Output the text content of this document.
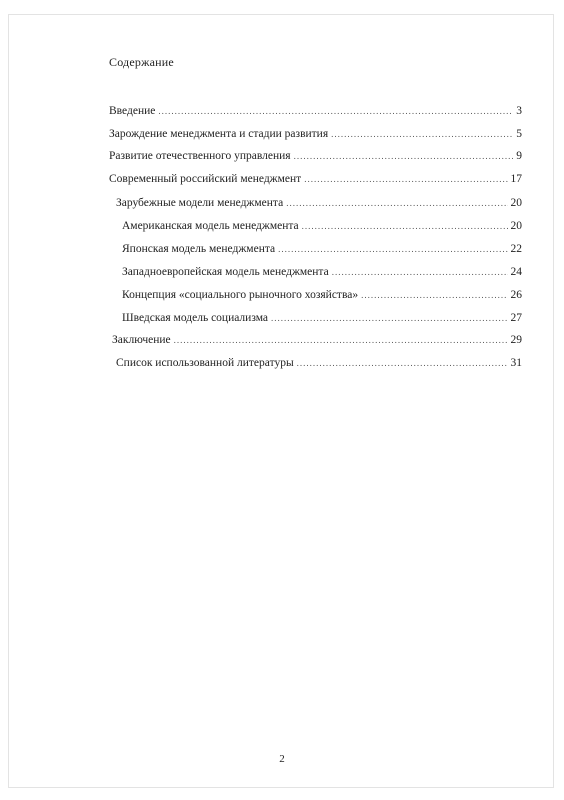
Содержание
Введение .....	3
Зарождение менеджмента и стадии развития .....	5
Развитие отечественного управления .....	9
Современный российский менеджмент .....	17
Зарубежные модели менеджмента .....	20
Американская модель менеджмента .....	20
Японская модель менеджмента .....	22
Западноевропейская модель менеджмента .....	24
Концепция «социального рыночного хозяйства» .....	26
Шведская модель социализма .....	27
Заключение .....	29
Список использованной литературы .....	31
2
